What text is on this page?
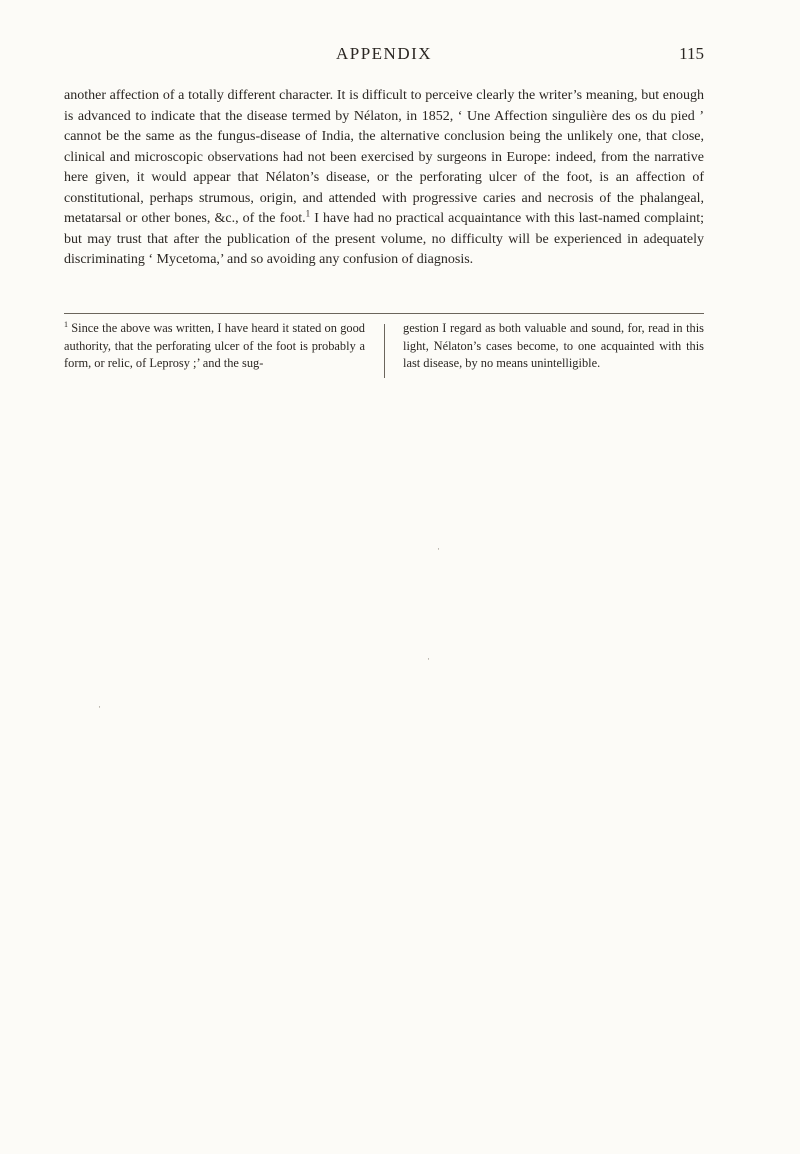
APPENDIX	115

another affection of a totally different character. It is difficult to perceive clearly the writer’s meaning, but enough is advanced to indicate that the disease termed by Nélaton, in 1852, ‘ Une Affection singulière des os du pied ’ cannot be the same as the fungus-disease of India, the alternative conclusion being the unlikely one, that close, clinical and microscopic observations had not been exercised by surgeons in Europe: indeed, from the narrative here given, it would appear that Nélaton’s disease, or the perforating ulcer of the foot, is an affection of constitutional, perhaps strumous, origin, and attended with progressive caries and necrosis of the phalangeal, metatarsal or other bones, &c., of the foot.$^1$ I have had no practical acquaintance with this last-named complaint; but may trust that after the publication of the present volume, no difficulty will be experienced in adequately discriminating ‘ Mycetoma,’ and so avoiding any confusion of diagnosis.

$^1$ Since the above was written, I have heard it stated on good authority, that the perforating ulcer of the foot is probably a form, or relic, of Leprosy ;’ and the sug-

gestion I regard as both valuable and sound, for, read in this light, Nélaton’s cases become, to one acquainted with this last disease, by no means unintelligible.

·
·
·
